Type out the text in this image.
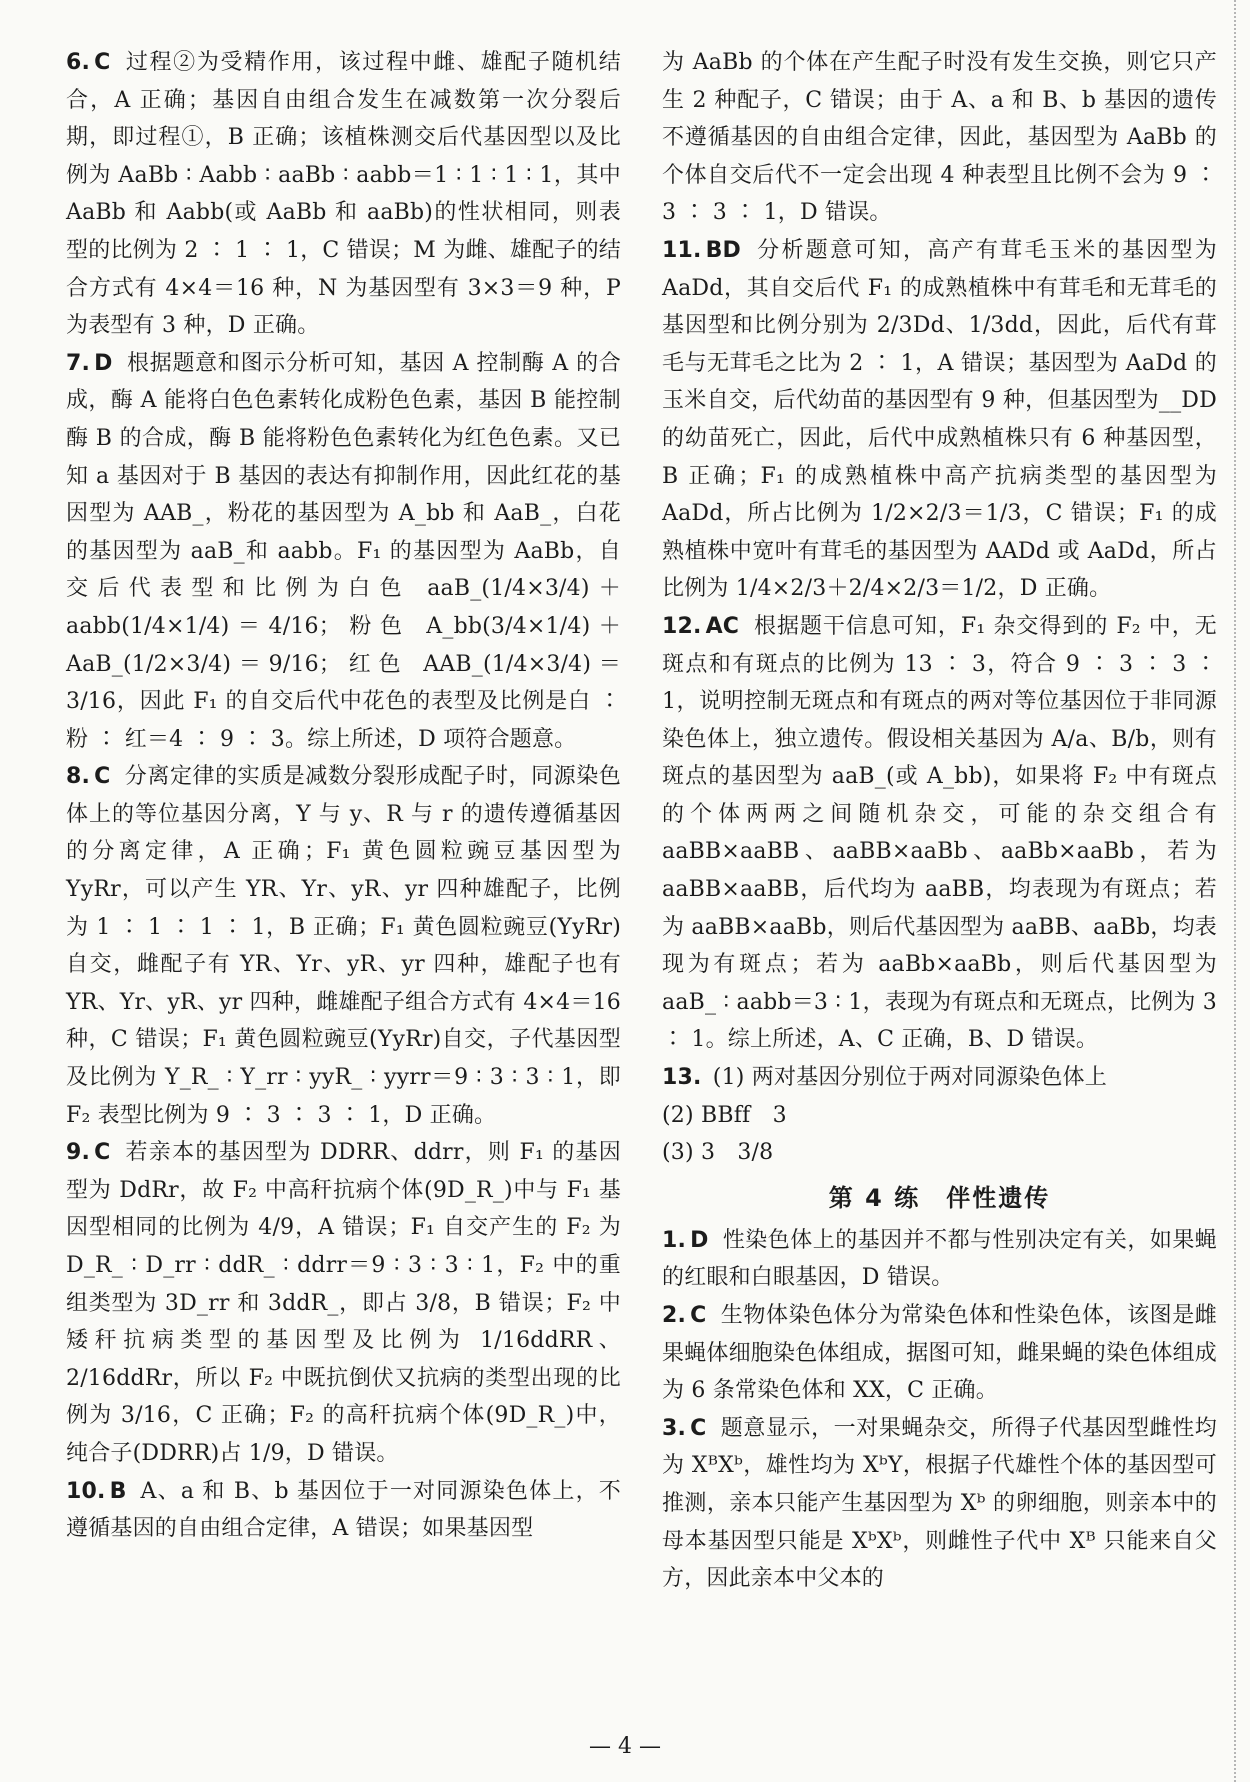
6. C 过程②为受精作用，该过程中雌、雄配子随机结合，A 正确；基因自由组合发生在减数第一次分裂后期，即过程①，B 正确；该植株测交后代基因型以及比例为 AaBb ∶ Aabb ∶ aaBb ∶ aabb＝1 ∶ 1 ∶ 1 ∶ 1，其中 AaBb 和 Aabb(或 AaBb 和 aaBb)的性状相同，则表型的比例为 2 ∶ 1 ∶ 1，C 错误；M 为雌、雄配子的结合方式有 4×4＝16 种，N 为基因型有 3×3＝9 种，P 为表型有 3 种，D 正确。

7. D 根据题意和图示分析可知，基因 A 控制酶 A 的合成，酶 A 能将白色色素转化成粉色色素，基因 B 能控制酶 B 的合成，酶 B 能将粉色色素转化为红色色素。又已知 a 基因对于 B 基因的表达有抑制作用，因此红花的基因型为 AAB_，粉花的基因型为 A_bb 和 AaB_，白花的基因型为 aaB_和 aabb。F₁ 的基因型为 AaBb，自交后代表型和比例为白色 aaB_(1/4×3/4)＋aabb(1/4×1/4)＝4/16；粉色 A_bb(3/4×1/4)＋AaB_(1/2×3/4)＝9/16；红色 AAB_(1/4×3/4)＝3/16，因此 F₁ 的自交后代中花色的表型及比例是白 ∶ 粉 ∶ 红＝4 ∶ 9 ∶ 3。综上所述，D 项符合题意。

8. C 分离定律的实质是减数分裂形成配子时，同源染色体上的等位基因分离，Y 与 y、R 与 r 的遗传遵循基因的分离定律，A 正确；F₁ 黄色圆粒豌豆基因型为 YyRr，可以产生 YR、Yr、yR、yr 四种雄配子，比例为 1 ∶ 1 ∶ 1 ∶ 1，B 正确；F₁ 黄色圆粒豌豆(YyRr)自交，雌配子有 YR、Yr、yR、yr 四种，雄配子也有 YR、Yr、yR、yr 四种，雌雄配子组合方式有 4×4＝16 种，C 错误；F₁ 黄色圆粒豌豆(YyRr)自交，子代基因型及比例为 Y_R_ ∶ Y_rr ∶ yyR_ ∶ yyrr＝9 ∶ 3 ∶ 3 ∶ 1，即 F₂ 表型比例为 9 ∶ 3 ∶ 3 ∶ 1，D 正确。

9. C 若亲本的基因型为 DDRR、ddrr，则 F₁ 的基因型为 DdRr，故 F₂ 中高秆抗病个体(9D_R_)中与 F₁ 基因型相同的比例为 4/9，A 错误；F₁ 自交产生的 F₂ 为 D_R_ ∶ D_rr ∶ ddR_ ∶ ddrr＝9 ∶ 3 ∶ 3 ∶ 1，F₂ 中的重组类型为 3D_rr 和 3ddR_，即占 3/8，B 错误；F₂ 中矮秆抗病类型的基因型及比例为 1/16ddRR、2/16ddRr，所以 F₂ 中既抗倒伏又抗病的类型出现的比例为 3/16，C 正确；F₂ 的高秆抗病个体(9D_R_)中，纯合子(DDRR)占 1/9，D 错误。

10. B A、a 和 B、b 基因位于一对同源染色体上，不遵循基因的自由组合定律，A 错误；如果基因型

为 AaBb 的个体在产生配子时没有发生交换，则它只产生 2 种配子，C 错误；由于 A、a 和 B、b 基因的遗传不遵循基因的自由组合定律，因此，基因型为 AaBb 的个体自交后代不一定会出现 4 种表型且比例不会为 9 ∶ 3 ∶ 3 ∶ 1，D 错误。

11. BD 分析题意可知，高产有茸毛玉米的基因型为 AaDd，其自交后代 F₁ 的成熟植株中有茸毛和无茸毛的基因型和比例分别为 2/3Dd、1/3dd，因此，后代有茸毛与无茸毛之比为 2 ∶ 1，A 错误；基因型为 AaDd 的玉米自交，后代幼苗的基因型有 9 种，但基因型为__DD 的幼苗死亡，因此，后代中成熟植株只有 6 种基因型，B 正确；F₁ 的成熟植株中高产抗病类型的基因型为 AaDd，所占比例为 1/2×2/3＝1/3，C 错误；F₁ 的成熟植株中宽叶有茸毛的基因型为 AADd 或 AaDd，所占比例为 1/4×2/3＋2/4×2/3＝1/2，D 正确。

12. AC 根据题干信息可知，F₁ 杂交得到的 F₂ 中，无斑点和有斑点的比例为 13 ∶ 3，符合 9 ∶ 3 ∶ 3 ∶ 1，说明控制无斑点和有斑点的两对等位基因位于非同源染色体上，独立遗传。假设相关基因为 A/a、B/b，则有斑点的基因型为 aaB_(或 A_bb)，如果将 F₂ 中有斑点的个体两两之间随机杂交，可能的杂交组合有 aaBB×aaBB、aaBB×aaBb、aaBb×aaBb，若为 aaBB×aaBB，后代均为 aaBB，均表现为有斑点；若为 aaBB×aaBb，则后代基因型为 aaBB、aaBb，均表现为有斑点；若为 aaBb×aaBb，则后代基因型为 aaB_ ∶ aabb＝3 ∶ 1，表现为有斑点和无斑点，比例为 3 ∶ 1。综上所述，A、C 正确，B、D 错误。

13. (1) 两对基因分别位于两对同源染色体上

(2) BBff　3

(3) 3　3/8

第 4 练　伴性遗传

1. D 性染色体上的基因并不都与性别决定有关，如果蝇的红眼和白眼基因，D 错误。

2. C 生物体染色体分为常染色体和性染色体，该图是雌果蝇体细胞染色体组成，据图可知，雌果蝇的染色体组成为 6 条常染色体和 XX，C 正确。

3. C 题意显示，一对果蝇杂交，所得子代基因型雌性均为 XᴮXᵇ，雄性均为 XᵇY，根据子代雄性个体的基因型可推测，亲本只能产生基因型为 Xᵇ 的卵细胞，则亲本中的母本基因型只能是 XᵇXᵇ，则雌性子代中 Xᴮ 只能来自父方，因此亲本中父本的

— 4 —
